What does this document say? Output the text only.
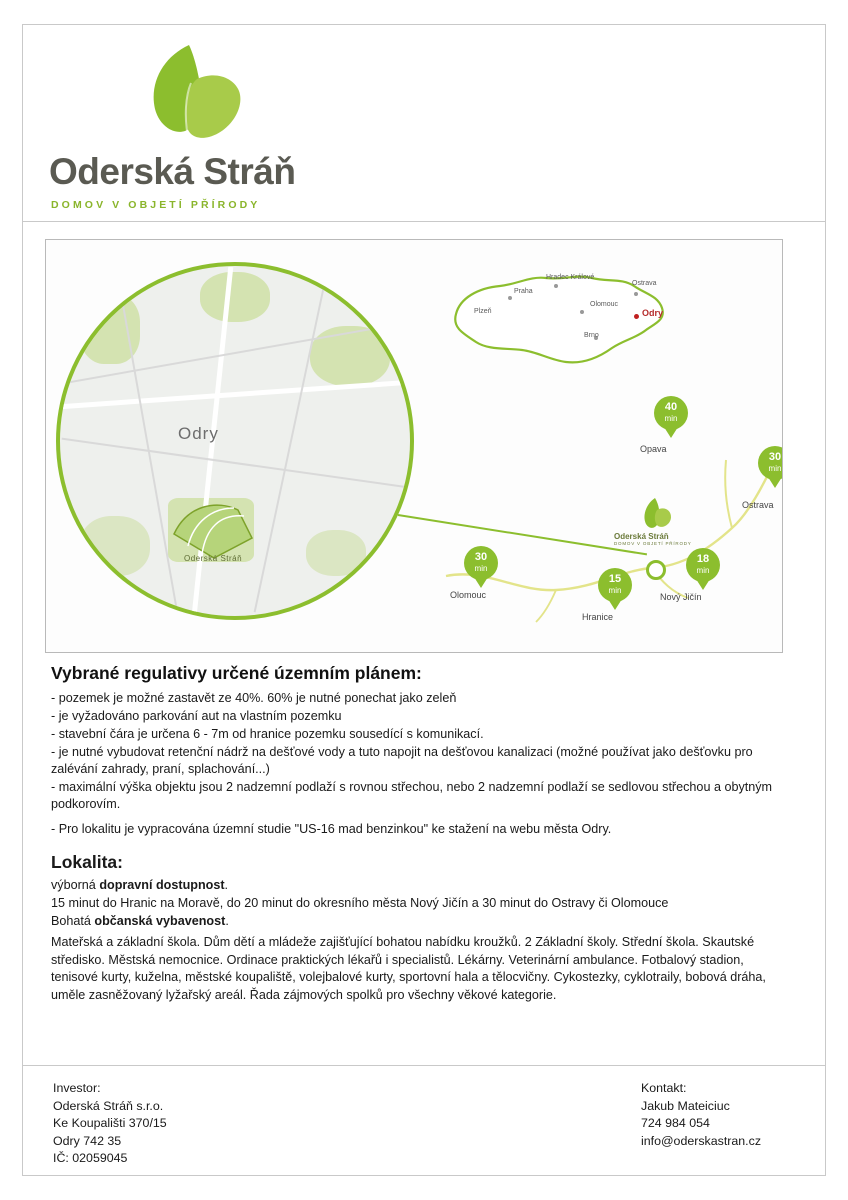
Oderská Stráň
DOMOV V OBJETÍ PŘÍRODY
Odry
Oderská Stráň
Praha
Hradec Králové
Plzeň
Olomouc
Brno
Ostrava
Odry
Oderská Stráň
DOMOV V OBJETÍ PŘÍRODY
40
min
Opava
30
min
Ostrava
18
min
Nový Jičín
15
min
Hranice
30
min
Olomouc
Vybrané regulativy určené územním plánem:

- pozemek je možné zastavět ze 40%. 60% je nutné ponechat jako zeleň

- je vyžadováno parkování aut na vlastním pozemku

- stavební čára je určena 6 - 7m od hranice pozemku sousedící s komunikací.

- je nutné vybudovat retenční nádrž na dešťové vody a tuto napojit na dešťovou kanalizaci (možné používat jako dešťovku pro zalévání zahrady, praní, splachování...)

- maximální výška objektu jsou 2 nadzemní podlaží s rovnou střechou, nebo 2 nadzemní podlaží se sedlovou střechou a obytným podkorovím.

- Pro lokalitu je vypracována územní studie "US-16 mad benzinkou" ke stažení na webu města Odry.

Lokalita:

výborná dopravní dostupnost.

15 minut do Hranic na Moravě, do 20 minut do okresního města Nový Jičín a 30 minut do Ostravy či Olomouce

Bohatá občanská vybavenost.

Mateřská a základní škola. Dům dětí a mládeže zajišťující bohatou nabídku kroužků. 2 Základní školy. Střední škola. Skautské středisko. Městská nemocnice. Ordinace praktických lékařů i specialistů. Lékárny. Veterinární ambulance. Fotbalový stadion, tenisové kurty, kuželna, městské koupaliště, volejbalové kurty, sportovní hala a tělocvičny. Cykostezky, cyklotraily, bobová dráha, uměle zasněžovaný lyžařský areál. Řada zájmových spolků pro všechny věkové kategorie.

Investor:
Oderská Stráň s.r.o.
Ke Koupališti 370/15
Odry 742 35
IČ: 02059045
Kontakt:
Jakub Mateiciuc
724 984 054
info@oderskastran.cz
